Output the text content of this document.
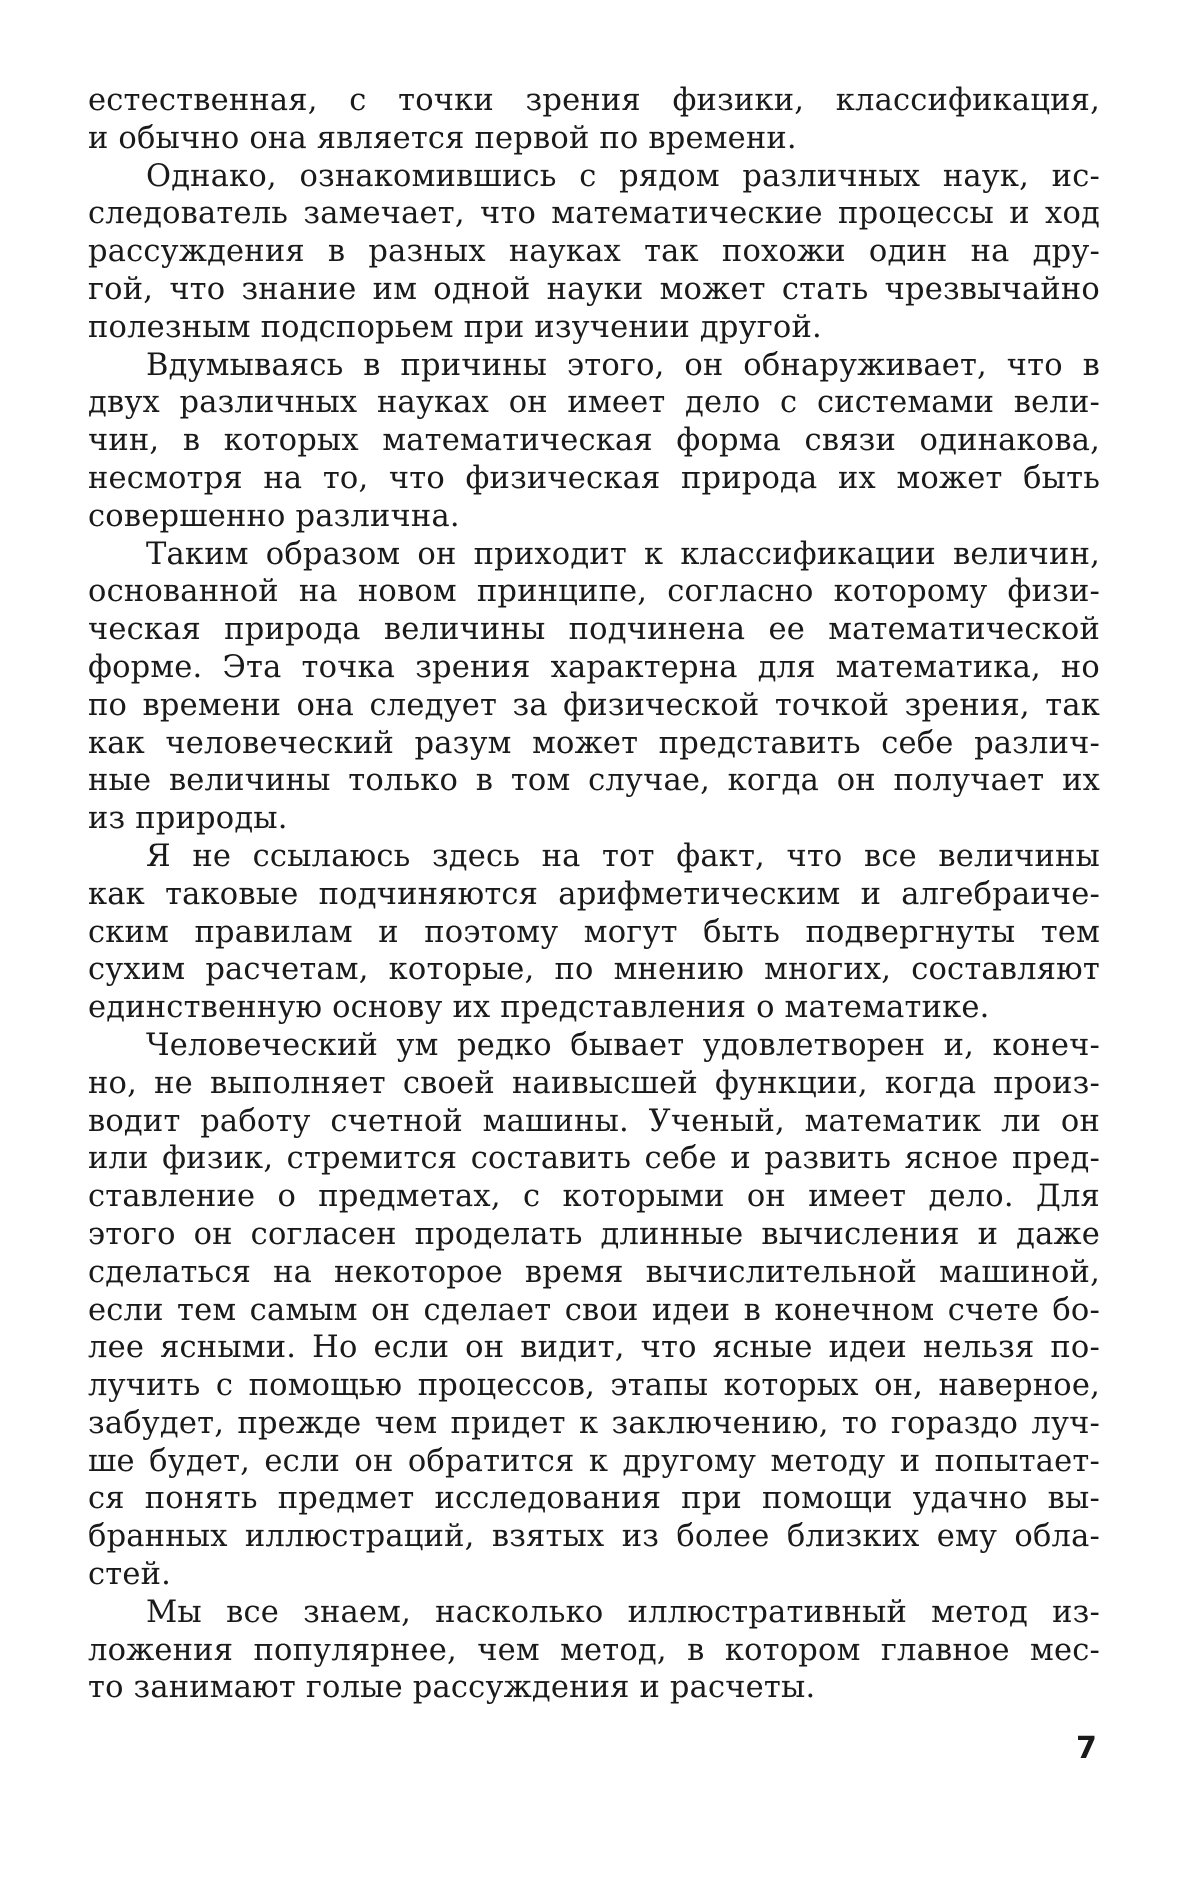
естественная, с точки зрения физики, классификация,
и обычно она является первой по времени.
Однако, ознакомившись с рядом различных наук, ис-
следователь замечает, что математические процессы и ход
рассуждения в разных науках так похожи один на дру-
гой, что знание им одной науки может стать чрезвычайно
полезным подспорьем при изучении другой.
Вдумываясь в причины этого, он обнаруживает, что в
двух различных науках он имеет дело с системами вели-
чин, в которых математическая форма связи одинакова,
несмотря на то, что физическая природа их может быть
совершенно различна.
Таким образом он приходит к классификации величин,
основанной на новом принципе, согласно которому физи-
ческая природа величины подчинена ее математической
форме. Эта точка зрения характерна для математика, но
по времени она следует за физической точкой зрения, так
как человеческий разум может представить себе различ-
ные величины только в том случае, когда он получает их
из природы.
Я не ссылаюсь здесь на тот факт, что все величины
как таковые подчиняются арифметическим и алгебраиче-
ским правилам и поэтому могут быть подвергнуты тем
сухим расчетам, которые, по мнению многих, составляют
единственную основу их представления о математике.
Человеческий ум редко бывает удовлетворен и, конеч-
но, не выполняет своей наивысшей функции, когда произ-
водит работу счетной машины. Ученый, математик ли он
или физик, стремится составить себе и развить ясное пред-
ставление о предметах, с которыми он имеет дело. Для
этого он согласен проделать длинные вычисления и даже
сделаться на некоторое время вычислительной машиной,
если тем самым он сделает свои идеи в конечном счете бо-
лее ясными. Но если он видит, что ясные идеи нельзя по-
лучить с помощью процессов, этапы которых он, наверное,
забудет, прежде чем придет к заключению, то гораздо луч-
ше будет, если он обратится к другому методу и попытает-
ся понять предмет исследования при помощи удачно вы-
бранных иллюстраций, взятых из более близких ему обла-
стей.
Мы все знаем, насколько иллюстративный метод из-
ложения популярнее, чем метод, в котором главное мес-
то занимают голые рассуждения и расчеты.
7
